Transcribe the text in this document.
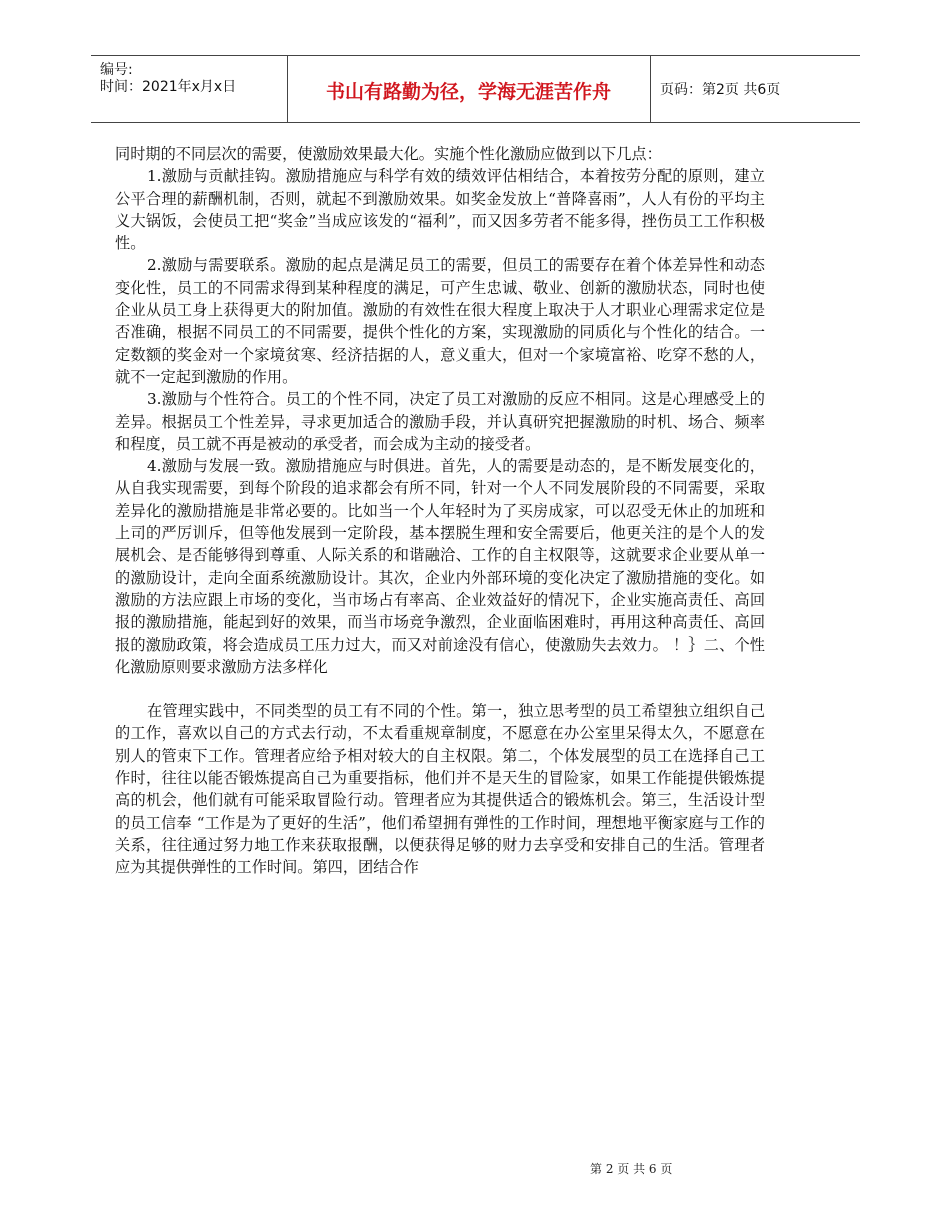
编号:
时间：2021年x月x日	书山有路勤为径，学海无涯苦作舟	页码：第2页 共6页

同时期的不同层次的需要，使激励效果最大化。实施个性化激励应做到以下几点：

1.激励与贡献挂钩。激励措施应与科学有效的绩效评估相结合，本着按劳分配的原则，建立公平合理的薪酬机制，否则，就起不到激励效果。如奖金发放上“普降喜雨”，人人有份的平均主义大锅饭，会使员工把“奖金”当成应该发的“福利”，而又因多劳者不能多得，挫伤员工工作积极性。

2.激励与需要联系。激励的起点是满足员工的需要，但员工的需要存在着个体差异性和动态变化性，员工的不同需求得到某种程度的满足，可产生忠诚、敬业、创新的激励状态，同时也使企业从员工身上获得更大的附加值。激励的有效性在很大程度上取决于人才职业心理需求定位是否准确，根据不同员工的不同需要，提供个性化的方案，实现激励的同质化与个性化的结合。一定数额的奖金对一个家境贫寒、经济拮据的人，意义重大，但对一个家境富裕、吃穿不愁的人，就不一定起到激励的作用。

3.激励与个性符合。员工的个性不同，决定了员工对激励的反应不相同。这是心理感受上的差异。根据员工个性差异，寻求更加适合的激励手段，并认真研究把握激励的时机、场合、频率和程度，员工就不再是被动的承受者，而会成为主动的接受者。

4.激励与发展一致。激励措施应与时俱进。首先，人的需要是动态的，是不断发展变化的，从自我实现需要，到每个阶段的追求都会有所不同，针对一个人不同发展阶段的不同需要，采取差异化的激励措施是非常必要的。比如当一个人年轻时为了买房成家，可以忍受无休止的加班和上司的严厉训斥，但等他发展到一定阶段，基本摆脱生理和安全需要后，他更关注的是个人的发展机会、是否能够得到尊重、人际关系的和谐融洽、工作的自主权限等，这就要求企业要从单一的激励设计，走向全面系统激励设计。其次，企业内外部环境的变化决定了激励措施的变化。如激励的方法应跟上市场的变化，当市场占有率高、企业效益好的情况下，企业实施高责任、高回报的激励措施，能起到好的效果，而当市场竞争激烈，企业面临困难时，再用这种高责任、高回报的激励政策，将会造成员工压力过大，而又对前途没有信心，使激励失去效力。 ！｝二、个性化激励原则要求激励方法多样化

在管理实践中，不同类型的员工有不同的个性。第一，独立思考型的员工希望独立组织自己的工作，喜欢以自己的方式去行动，不太看重规章制度，不愿意在办公室里呆得太久，不愿意在别人的管束下工作。管理者应给予相对较大的自主权限。第二，个体发展型的员工在选择自己工作时，往往以能否锻炼提高自己为重要指标，他们并不是天生的冒险家，如果工作能提供锻炼提高的机会，他们就有可能采取冒险行动。管理者应为其提供适合的锻炼机会。第三，生活设计型的员工信奉 “工作是为了更好的生活”，他们希望拥有弹性的工作时间，理想地平衡家庭与工作的关系，往往通过努力地工作来获取报酬，以便获得足够的财力去享受和安排自己的生活。管理者应为其提供弹性的工作时间。第四，团结合作

第 2 页 共 6 页
